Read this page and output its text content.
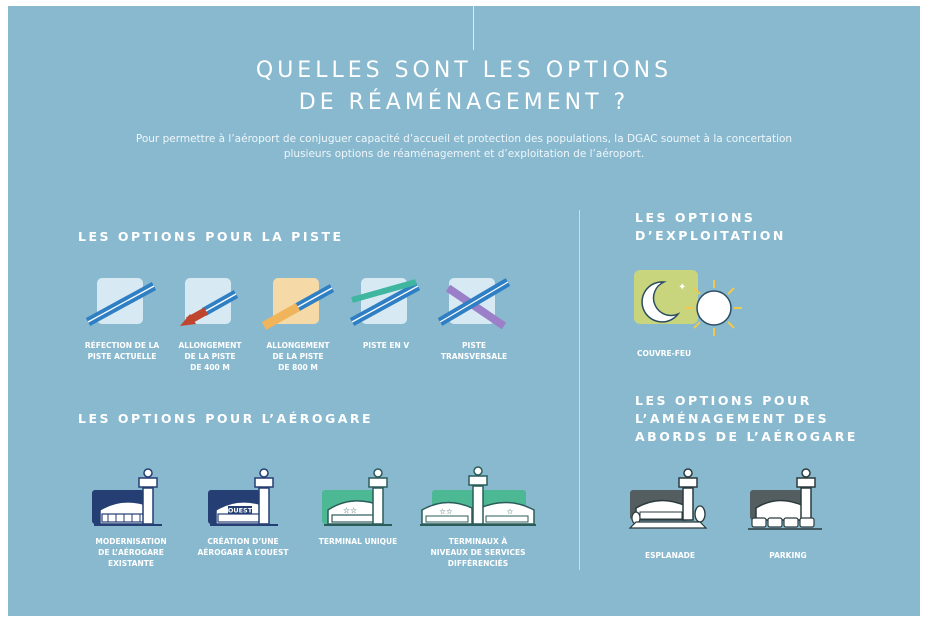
QUELLES SONT LES OPTIONS
DE RÉAMÉNAGEMENT ?
Pour permettre à l’aéroport de conjuguer capacité d’accueil et protection des populations, la DGAC soumet à la concertation
plusieurs options de réaménagement et d’exploitation de l’aéroport.
LES OPTIONS POUR LA PISTE
RÉFECTION DE LA
PISTE ACTUELLE
ALLONGEMENT
DE LA PISTE
DE 400 M
ALLONGEMENT
DE LA PISTE
DE 800 M
PISTE EN V	PISTE
TRANSVERSALE
LES OPTIONS POUR L’AÉROGARE
MODERNISATION
DE L’AÉROGARE
EXISTANTE
OUEST
CRÉATION D’UNE
AÉROGARE À L’OUEST
☆☆
TERMINAL UNIQUE
☆☆	☆
TERMINAUX À
NIVEAUX DE SERVICES
DIFFÉRENCIÉS
LES OPTIONS
D’EXPLOITATION
✦
COUVRE-FEU
LES OPTIONS POUR
L’AMÉNAGEMENT DES
ABORDS DE L’AÉROGARE
ESPLANADE	PARKING
